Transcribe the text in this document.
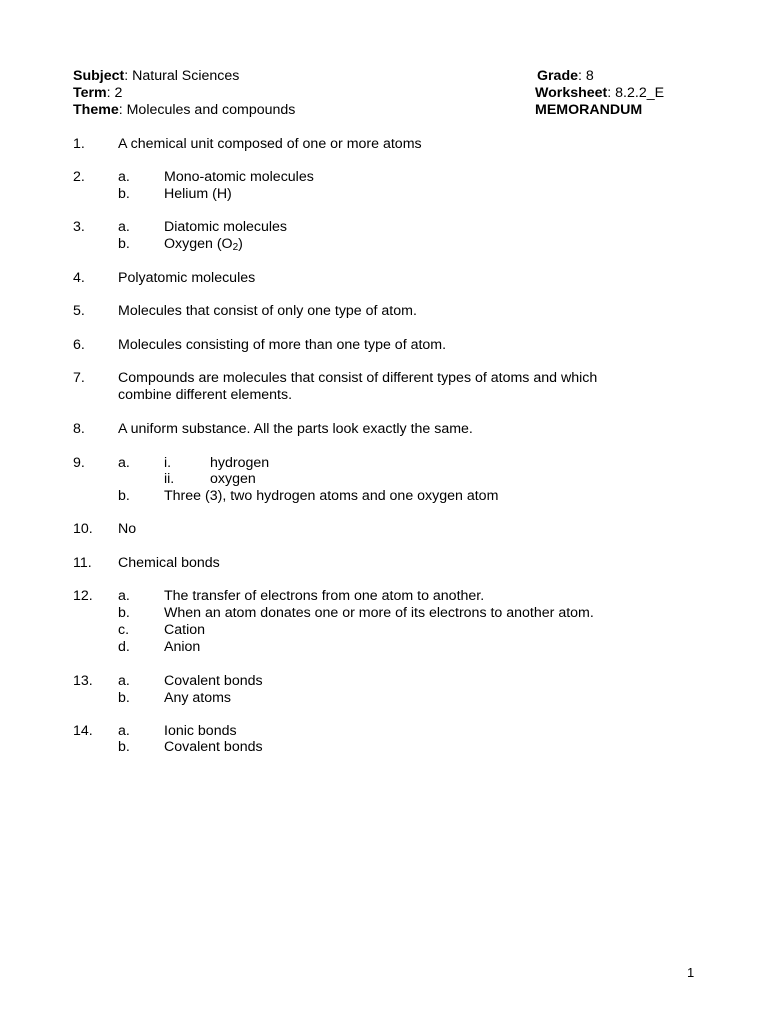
Subject: Natural Sciences
Term: 2
Theme: Molecules and compounds
Grade: 8
Worksheet: 8.2.2_E
MEMORANDUM
1. A chemical unit composed of one or more atoms
2. a. Mono-atomic molecules
b. Helium (H)
3. a. Diatomic molecules
b. Oxygen $(O_2)$
4. Polyatomic molecules
5. Molecules that consist of only one type of atom.
6. Molecules consisting of more than one type of atom.
7. Compounds are molecules that consist of different types of atoms and which
combine different elements.
8. A uniform substance. All the parts look exactly the same.
9. a. i.	hydrogen
ii.	oxygen
b. Three (3), two hydrogen atoms and one oxygen atom
10. No
11. Chemical bonds
12. a. The transfer of electrons from one atom to another.
b. When an atom donates one or more of its electrons to another atom.
c. Cation
d. Anion
13. a. Covalent bonds
b. Any atoms
14. a. Ionic bonds
b. Covalent bonds
1
